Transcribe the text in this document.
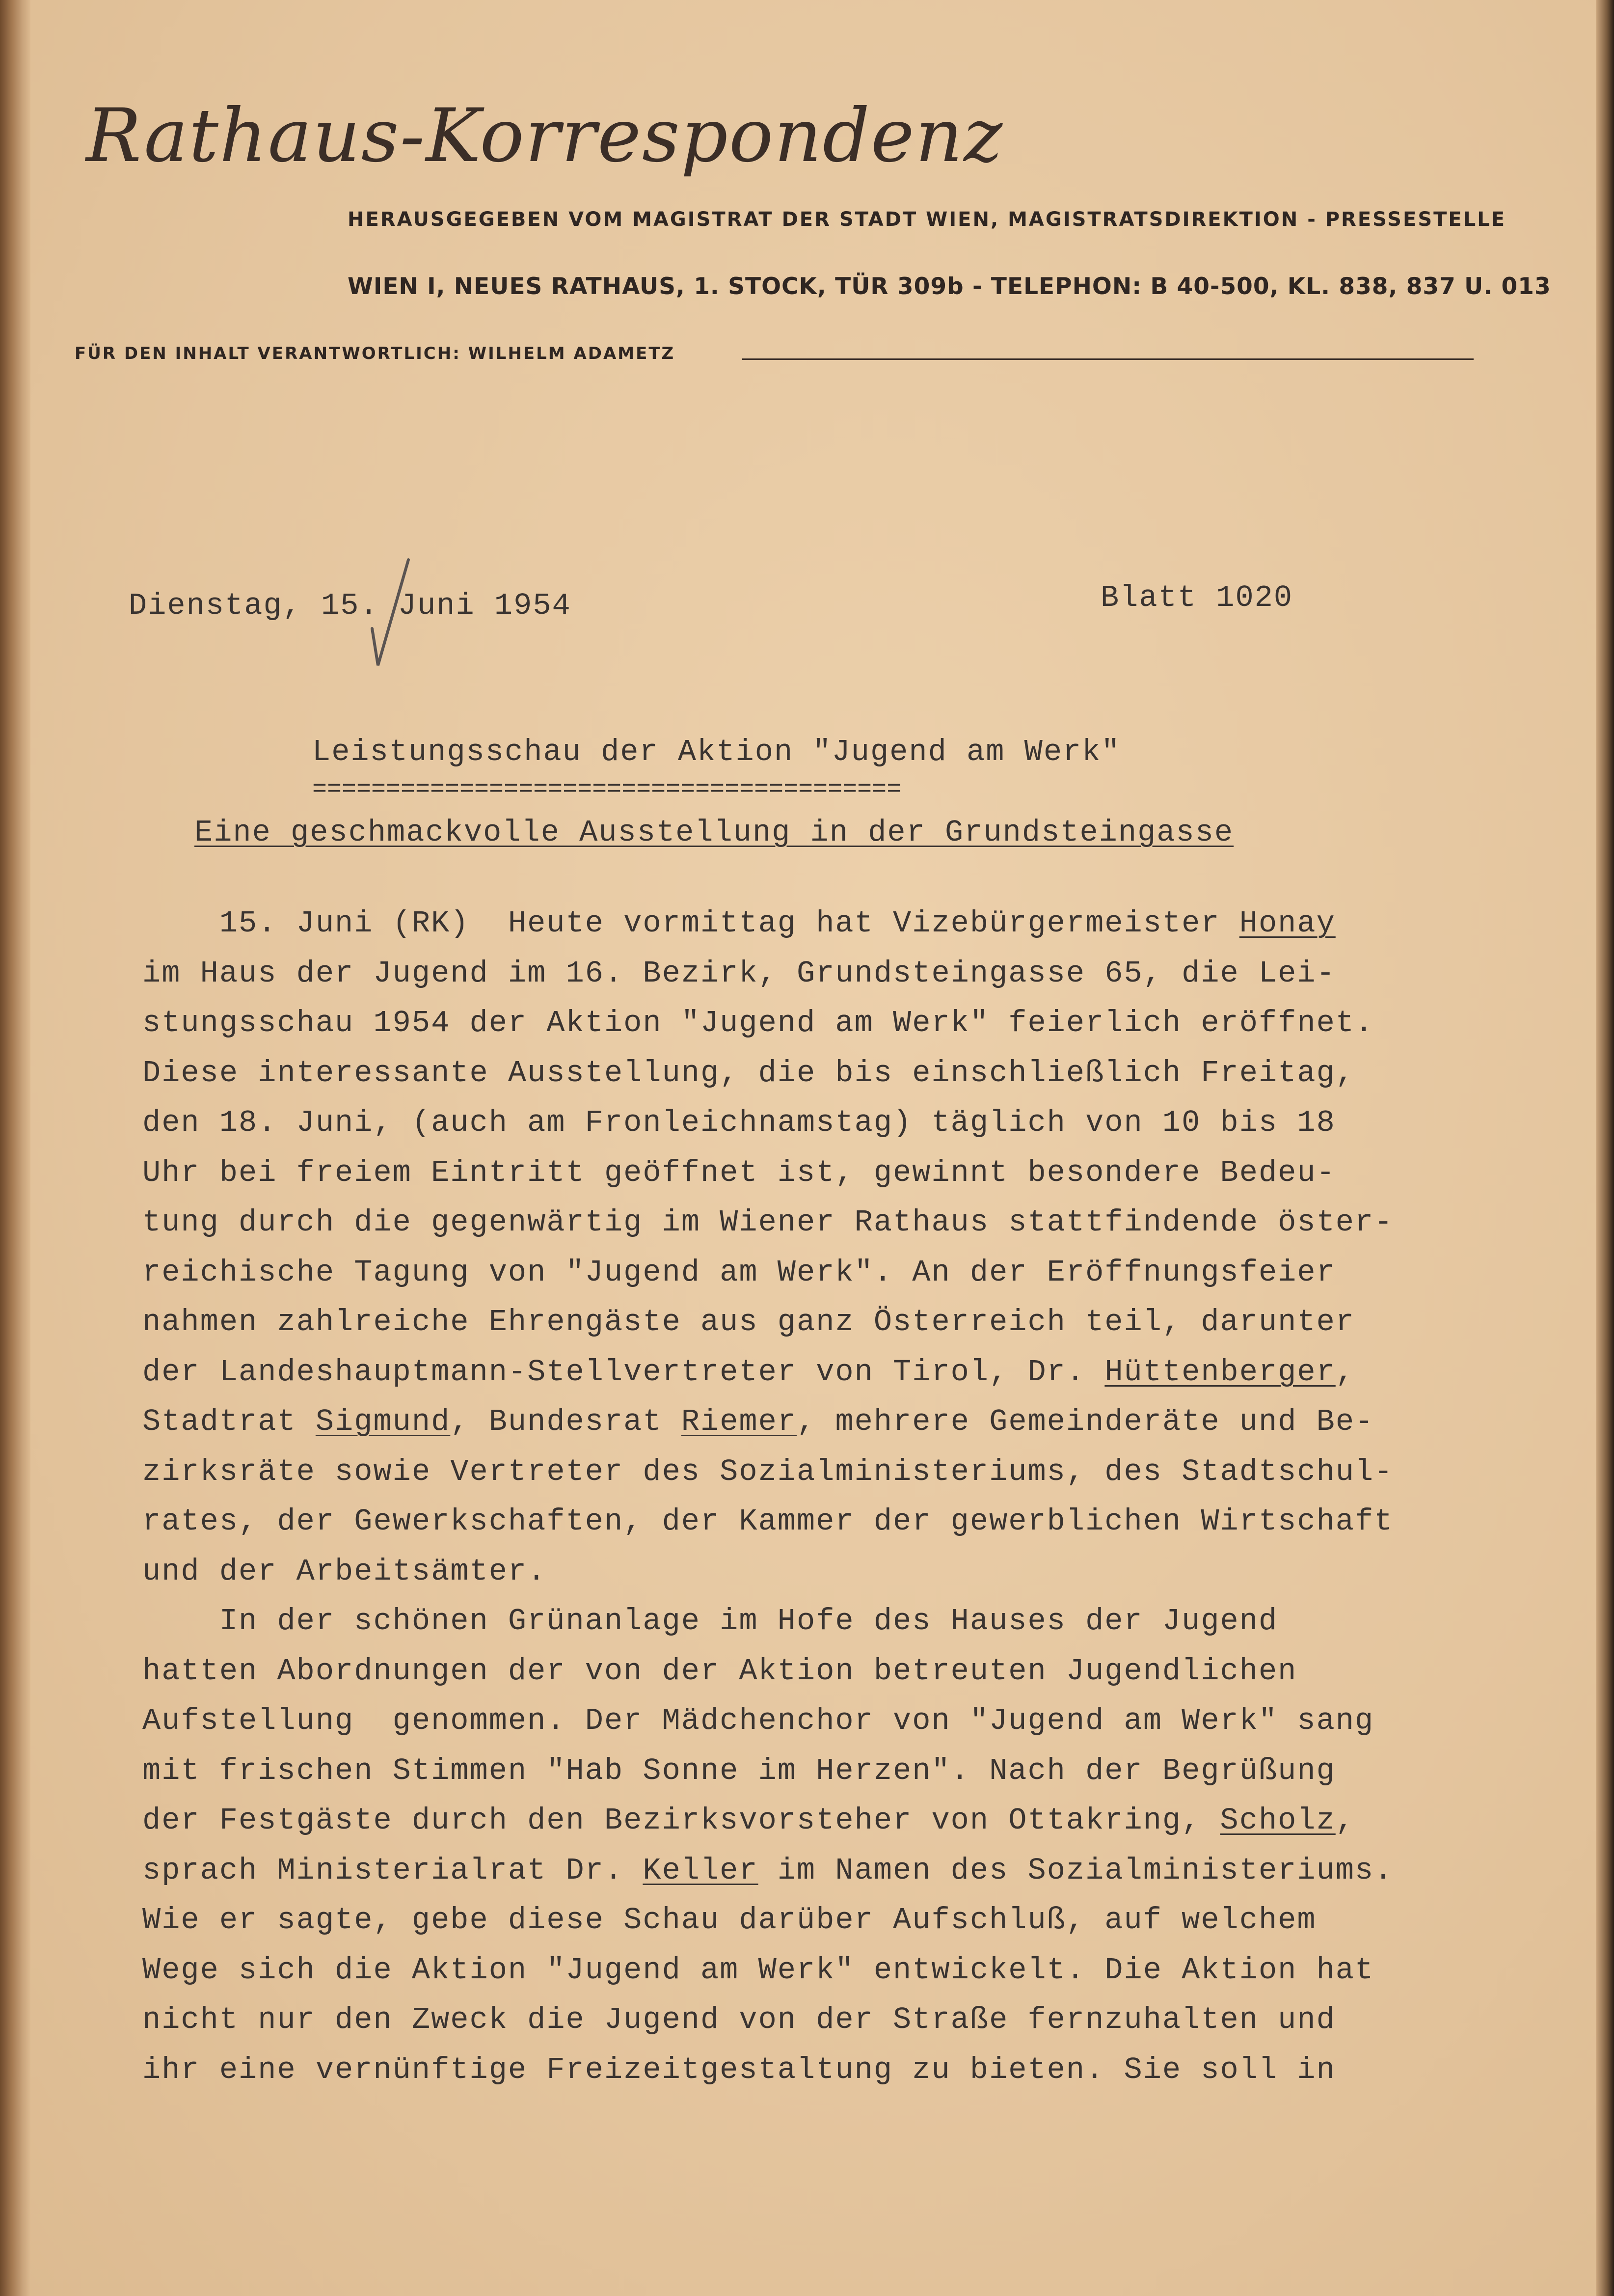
Rathaus-Korrespondenz
HERAUSGEGEBEN VOM MAGISTRAT DER STADT WIEN, MAGISTRATSDIREKTION - PRESSESTELLE
WIEN I, NEUES RATHAUS, 1. STOCK, TÜR 309b - TELEPHON: B 40-500, KL. 838, 837 U. 013
FÜR DEN INHALT VERANTWORTLICH: WILHELM ADAMETZ
Dienstag, 15. Juni 1954	Blatt 1020
Leistungsschau der Aktion "Jugend am Werk"
========================================
Eine geschmackvolle Ausstellung in der Grundsteingasse
15. Juni (RK)  Heute vormittag hat Vizebürgermeister Honay
im Haus der Jugend im 16. Bezirk, Grundsteingasse 65, die Lei-
stungsschau 1954 der Aktion "Jugend am Werk" feierlich eröffnet.
Diese interessante Ausstellung, die bis einschließlich Freitag,
den 18. Juni, (auch am Fronleichnamstag) täglich von 10 bis 18
Uhr bei freiem Eintritt geöffnet ist, gewinnt besondere Bedeu-
tung durch die gegenwärtig im Wiener Rathaus stattfindende öster-
reichische Tagung von "Jugend am Werk". An der Eröffnungsfeier
nahmen zahlreiche Ehrengäste aus ganz Österreich teil, darunter
der Landeshauptmann-Stellvertreter von Tirol, Dr. Hüttenberger,
Stadtrat Sigmund, Bundesrat Riemer, mehrere Gemeinderäte und Be-
zirksräte sowie Vertreter des Sozialministeriums, des Stadtschul-
rates, der Gewerkschaften, der Kammer der gewerblichen Wirtschaft
und der Arbeitsämter.
In der schönen Grünanlage im Hofe des Hauses der Jugend
hatten Abordnungen der von der Aktion betreuten Jugendlichen
Aufstellung  genommen. Der Mädchenchor von "Jugend am Werk" sang
mit frischen Stimmen "Hab Sonne im Herzen". Nach der Begrüßung
der Festgäste durch den Bezirksvorsteher von Ottakring, Scholz,
sprach Ministerialrat Dr. Keller im Namen des Sozialministeriums.
Wie er sagte, gebe diese Schau darüber Aufschluß, auf welchem
Wege sich die Aktion "Jugend am Werk" entwickelt. Die Aktion hat
nicht nur den Zweck die Jugend von der Straße fernzuhalten und
ihr eine vernünftige Freizeitgestaltung zu bieten. Sie soll in
